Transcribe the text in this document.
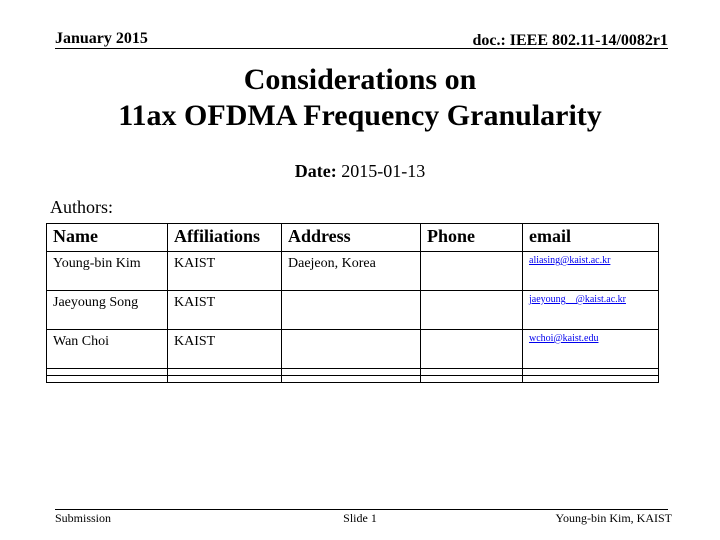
January 2015	doc.: IEEE 802.11-14/0082r1
Considerations on
11ax OFDMA Frequency Granularity
Date: 2015-01-13
Authors:
Name	Affiliations	Address	Phone	email
Young-bin Kim	KAIST	Daejeon, Korea		aliasing@kaist.ac.kr
Jaeyoung Song	KAIST			jaeyoung__@kaist.ac.kr
Wan Choi	KAIST			wchoi@kaist.edu

Submission	Slide 1	Young-bin Kim, KAIST
